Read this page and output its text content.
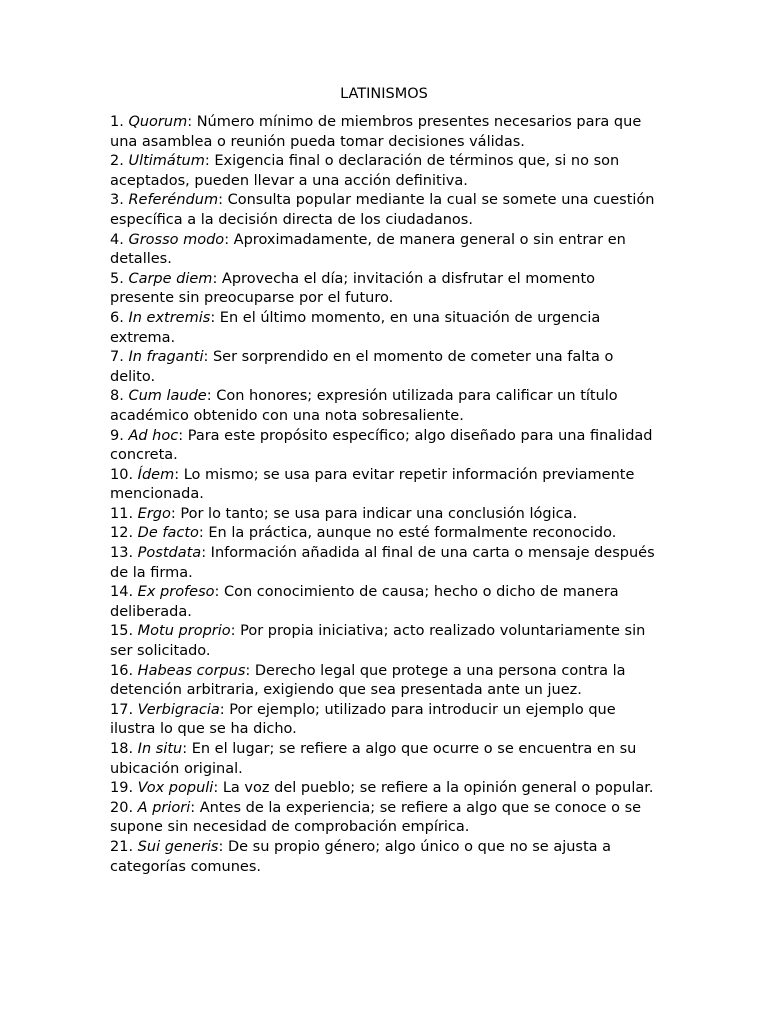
LATINISMOS
1. Quorum: Número mínimo de miembros presentes necesarios para que una asamblea o reunión pueda tomar decisiones válidas.
2. Ultimátum: Exigencia final o declaración de términos que, si no son aceptados, pueden llevar a una acción definitiva.
3. Referéndum: Consulta popular mediante la cual se somete una cuestión específica a la decisión directa de los ciudadanos.
4. Grosso modo: Aproximadamente, de manera general o sin entrar en detalles.
5. Carpe diem: Aprovecha el día; invitación a disfrutar el momento presente sin preocuparse por el futuro.
6. In extremis: En el último momento, en una situación de urgencia extrema.
7. In fraganti: Ser sorprendido en el momento de cometer una falta o delito.
8. Cum laude: Con honores; expresión utilizada para calificar un título académico obtenido con una nota sobresaliente.
9. Ad hoc: Para este propósito específico; algo diseñado para una finalidad concreta.
10. Ídem: Lo mismo; se usa para evitar repetir información previamente mencionada.
11. Ergo: Por lo tanto; se usa para indicar una conclusión lógica.
12. De facto: En la práctica, aunque no esté formalmente reconocido.
13. Postdata: Información añadida al final de una carta o mensaje después de la firma.
14. Ex profeso: Con conocimiento de causa; hecho o dicho de manera deliberada.
15. Motu proprio: Por propia iniciativa; acto realizado voluntariamente sin ser solicitado.
16. Habeas corpus: Derecho legal que protege a una persona contra la detención arbitraria, exigiendo que sea presentada ante un juez.
17. Verbigracia: Por ejemplo; utilizado para introducir un ejemplo que ilustra lo que se ha dicho.
18. In situ: En el lugar; se refiere a algo que ocurre o se encuentra en su ubicación original.
19. Vox populi: La voz del pueblo; se refiere a la opinión general o popular.
20. A priori: Antes de la experiencia; se refiere a algo que se conoce o se supone sin necesidad de comprobación empírica.
21. Sui generis: De su propio género; algo único o que no se ajusta a categorías comunes.
